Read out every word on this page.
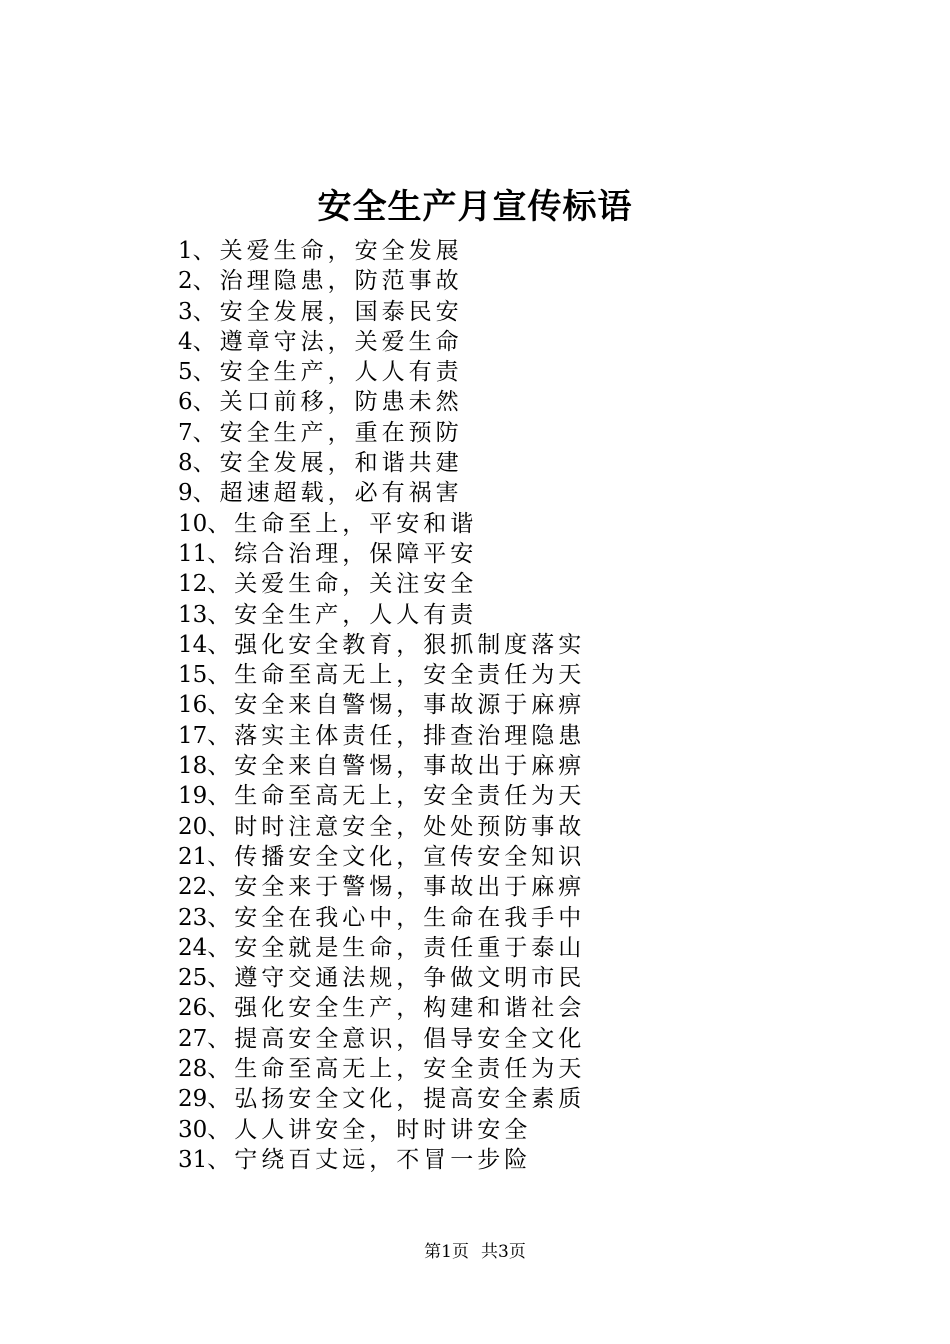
安全生产月宣传标语
1、关爱生命，安全发展
2、治理隐患，防范事故
3、安全发展，国泰民安
4、遵章守法，关爱生命
5、安全生产，人人有责
6、关口前移，防患未然
7、安全生产，重在预防
8、安全发展，和谐共建
9、超速超载，必有祸害
10、生命至上，平安和谐
11、综合治理，保障平安
12、关爱生命，关注安全
13、安全生产，人人有责
14、强化安全教育，狠抓制度落实
15、生命至高无上，安全责任为天
16、安全来自警惕，事故源于麻痹
17、落实主体责任，排查治理隐患
18、安全来自警惕，事故出于麻痹
19、生命至高无上，安全责任为天
20、时时注意安全，处处预防事故
21、传播安全文化，宣传安全知识
22、安全来于警惕，事故出于麻痹
23、安全在我心中，生命在我手中
24、安全就是生命，责任重于泰山
25、遵守交通法规，争做文明市民
26、强化安全生产，构建和谐社会
27、提高安全意识，倡导安全文化
28、生命至高无上，安全责任为天
29、弘扬安全文化，提高安全素质
30、人人讲安全，时时讲安全
31、宁绕百丈远，不冒一步险
第1页 共3页
